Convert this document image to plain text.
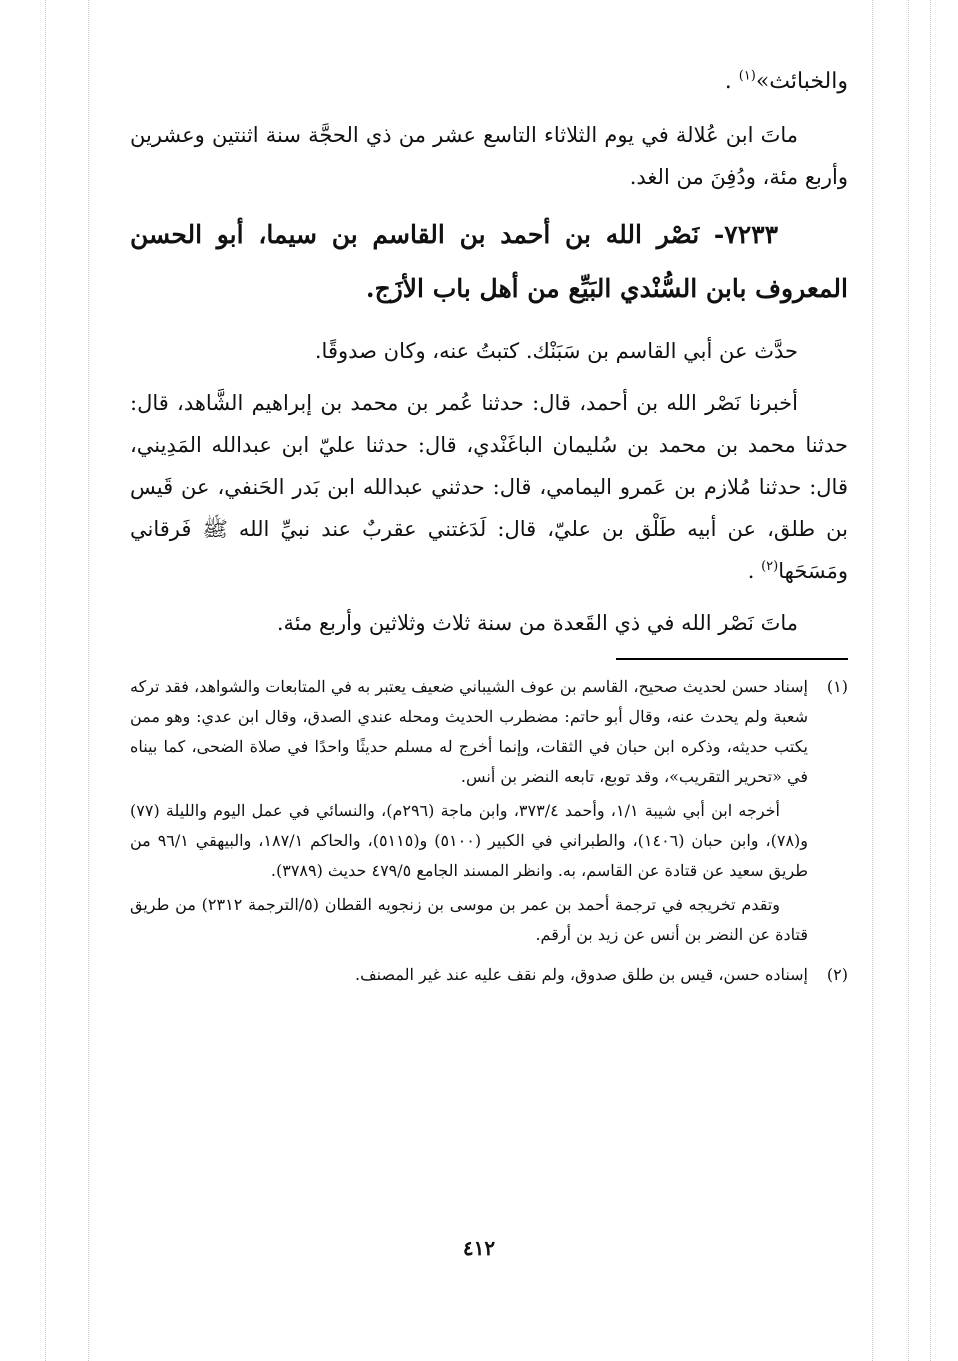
والخبائث»$^{(١)}$ .

ماتَ ابن عُلالة في يوم الثلاثاء التاسع عشر من ذي الحجَّة سنة اثنتين وعشرين وأربع مئة، ودُفِنَ من الغد.

٧٢٣٣- نَصْر الله بن أحمد بن القاسم بن سيما، أبو الحسن المعروف بابن السُّنْدي البَيِّع من أهل باب الأزَج.

حدَّث عن أبي القاسم بن سَبَنْك. كتبتُ عنه، وكان صدوقًا.

أخبرنا نَصْر الله بن أحمد، قال: حدثنا عُمر بن محمد بن إبراهيم الشَّاهد، قال: حدثنا محمد بن محمد بن سُليمان الباغَنْدي، قال: حدثنا عليّ ابن عبدالله المَدِيني، قال: حدثنا مُلازم بن عَمرو اليمامي، قال: حدثني عبدالله ابن بَدر الحَنفي، عن قَيس بن طلق، عن أبيه طَلْق بن عليّ، قال: لَدَغتني عقربٌ عند نبيِّ الله ﷺ فَرقاني ومَسَحَها$^{(٢)}$ .

ماتَ نَصْر الله في ذي القَعدة من سنة ثلاث وثلاثين وأربع مئة.

(١)

إسناد حسن لحديث صحيح، القاسم بن عوف الشيباني ضعيف يعتبر به في المتابعات والشواهد، فقد تركه شعبة ولم يحدث عنه، وقال أبو حاتم: مضطرب الحديث ومحله عندي الصدق، وقال ابن عدي: وهو ممن يكتب حديثه، وذكره ابن حبان في الثقات، وإنما أخرج له مسلم حديثًا واحدًا في صلاة الضحى، كما بيناه في «تحرير التقريب»، وقد توبع، تابعه النضر بن أنس.

أخرجه ابن أبي شيبة ١/١، وأحمد ٣٧٣/٤، وابن ماجة (٢٩٦م)، والنسائي في عمل اليوم والليلة (٧٧) و(٧٨)، وابن حبان (١٤٠٦)، والطبراني في الكبير (٥١٠٠) و(٥١١٥)، والحاكم ١٨٧/١، والبيهقي ٩٦/١ من طريق سعيد عن قتادة عن القاسم، به. وانظر المسند الجامع ٤٧٩/٥ حديث (٣٧٨٩).

وتقدم تخريجه في ترجمة أحمد بن عمر بن موسى بن زنجويه القطان (٥/الترجمة ٢٣١٢) من طريق قتادة عن النضر بن أنس عن زيد بن أرقم.

(٢)

إسناده حسن، قيس بن طلق صدوق، ولم نقف عليه عند غير المصنف.

٤١٢
